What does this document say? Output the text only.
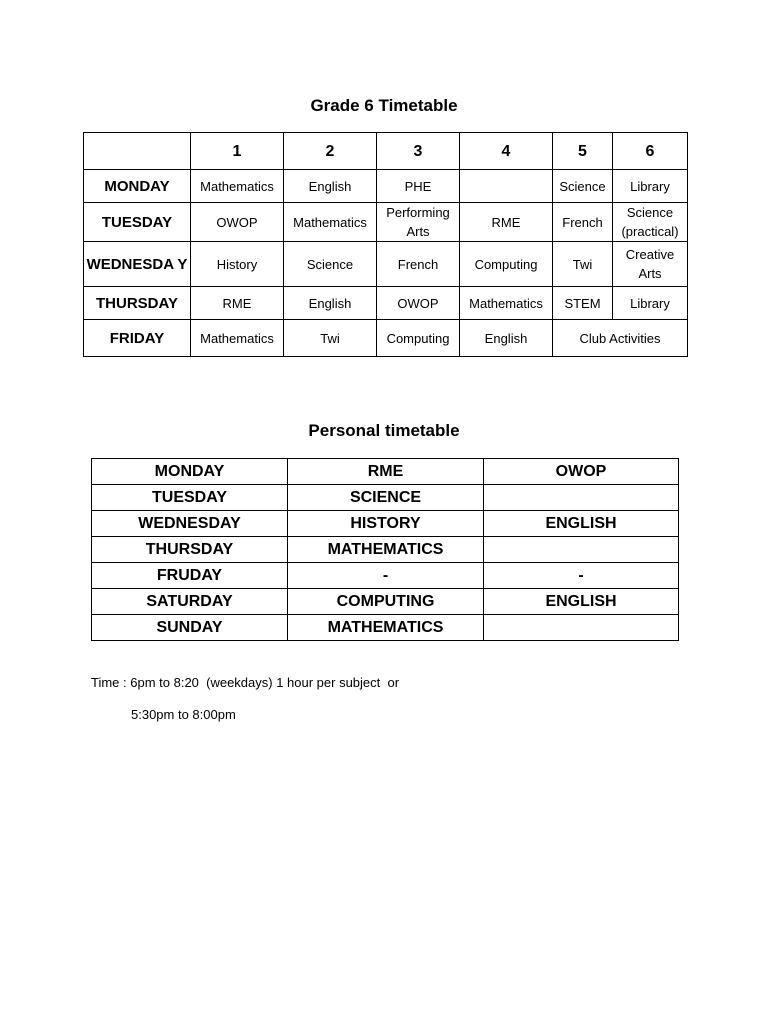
Grade 6 Timetable
	1	2	3	4	5	6
MONDAY	Mathematics	English	PHE		Science	Library
TUESDAY	OWOP	Mathematics	Performing Arts	RME	French	Science (practical)
WEDNESDA Y	History	Science	French	Computing	Twi	Creative Arts
THURSDAY	RME	English	OWOP	Mathematics	STEM	Library
FRIDAY	Mathematics	Twi	Computing	English	Club Activities	
Personal timetable
MONDAY	RME	OWOP
TUESDAY	SCIENCE	
WEDNESDAY	HISTORY	ENGLISH
THURSDAY	MATHEMATICS	
FRUDAY	-	-
SATURDAY	COMPUTING	ENGLISH
SUNDAY	MATHEMATICS	
Time : 6pm to 8:20  (weekdays) 1 hour per subject  or
5:30pm to 8:00pm
